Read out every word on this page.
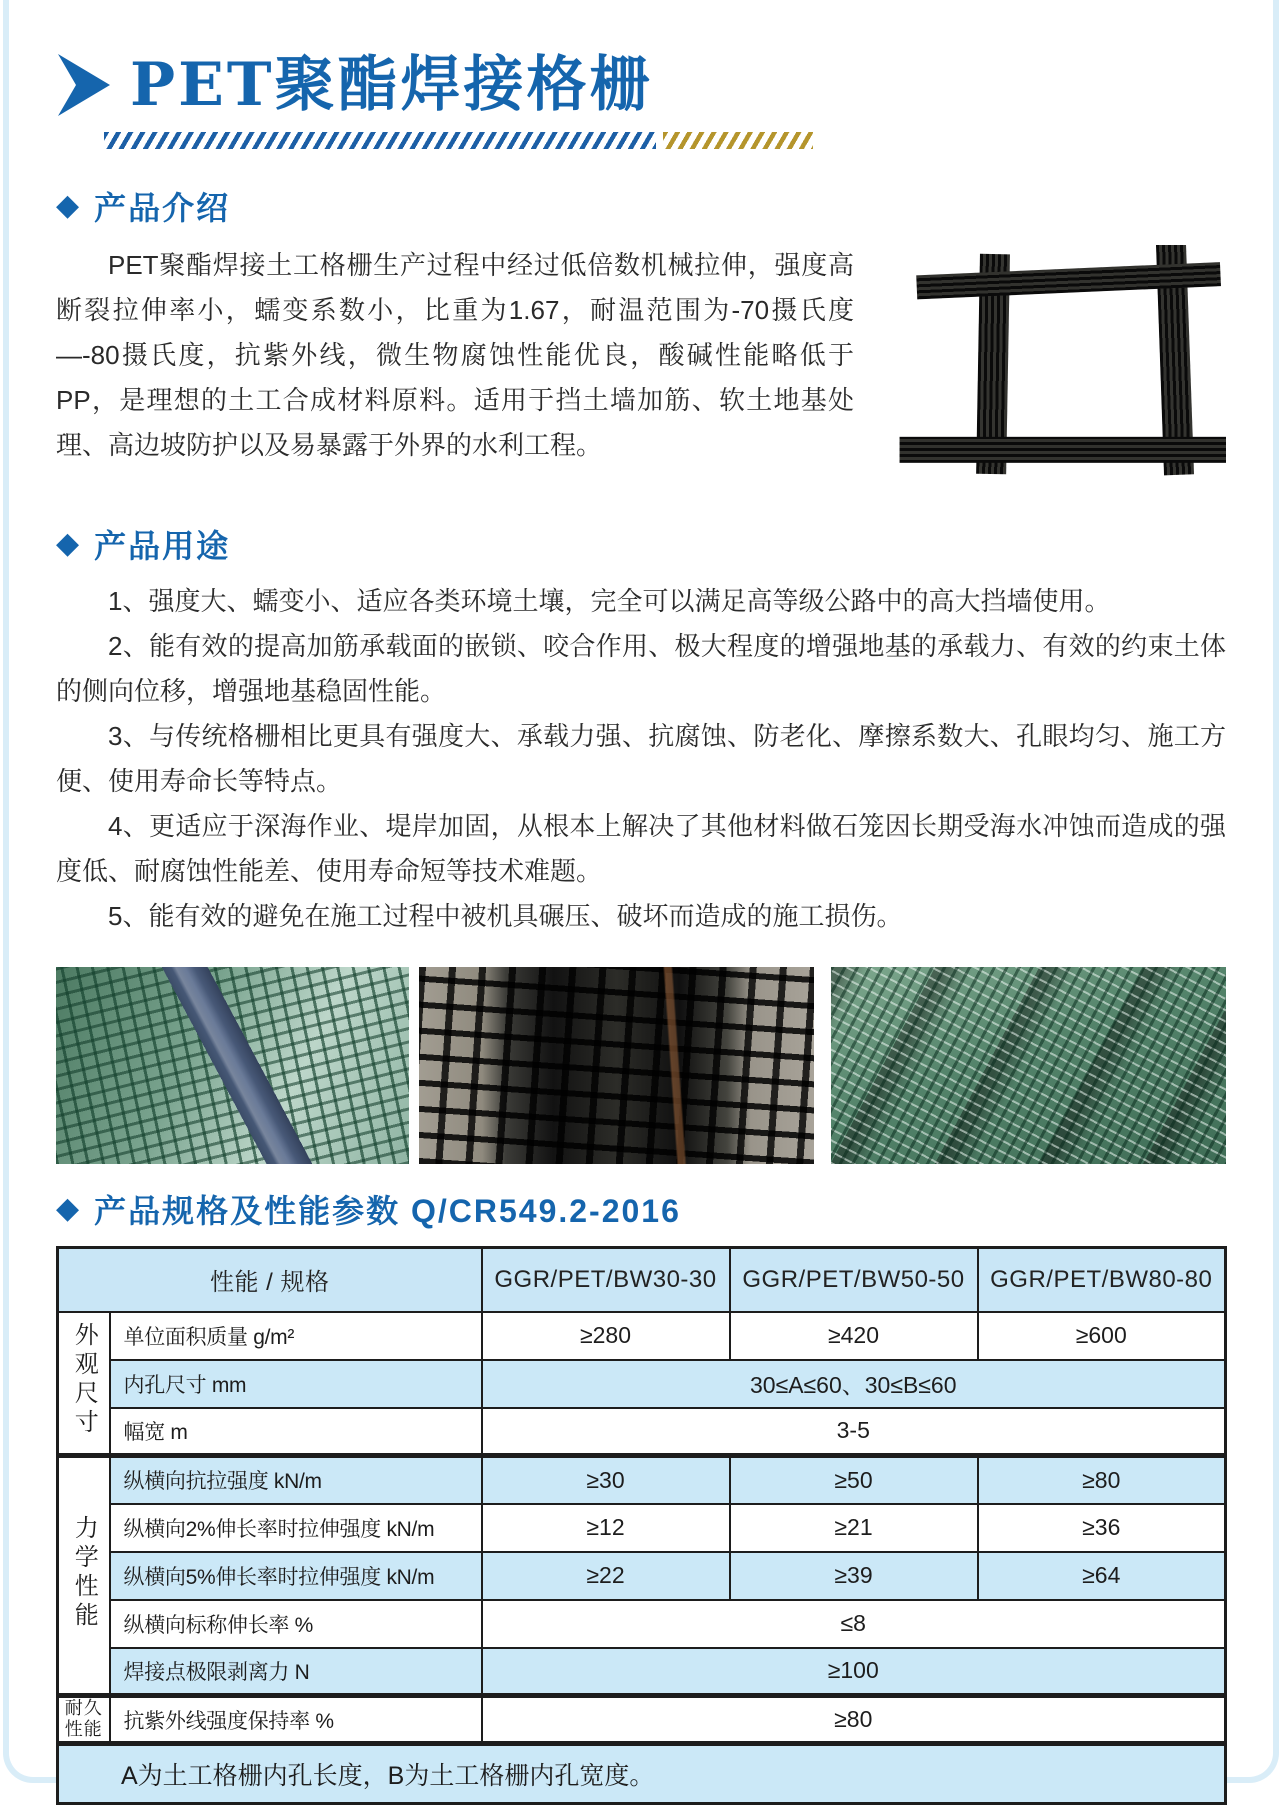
PET聚酯焊接格栅
◆ 产品介绍

PET聚酯焊接土工格栅生产过程中经过低倍数机械拉伸，强度高断裂拉伸率小，蠕变系数小，比重为1.67，耐温范围为-70摄氏度—-80摄氏度，抗紫外线，微生物腐蚀性能优良，酸碱性能略低于PP，是理想的土工合成材料原料。适用于挡土墙加筋、软土地基处理、高边坡防护以及易暴露于外界的水利工程。

◆ 产品用途

1、强度大、蠕变小、适应各类环境土壤，完全可以满足高等级公路中的高大挡墙使用。

2、能有效的提高加筋承载面的嵌锁、咬合作用、极大程度的增强地基的承载力、有效的约束土体的侧向位移，增强地基稳固性能。

3、与传统格栅相比更具有强度大、承载力强、抗腐蚀、防老化、摩擦系数大、孔眼均匀、施工方便、使用寿命长等特点。

4、更适应于深海作业、堤岸加固，从根本上解决了其他材料做石笼因长期受海水冲蚀而造成的强度低、耐腐蚀性能差、使用寿命短等技术难题。

5、能有效的避免在施工过程中被机具碾压、破坏而造成的施工损伤。

◆ 产品规格及性能参数 Q/CR549.2-2016
性能 / 规格		GGR/PET/BW30-30	GGR/PET/BW50-50	GGR/PET/BW80-80
外观尺寸	单位面积质量 g/m²	≥280	≥420	≥600
	内孔尺寸 mm	30≤A≤60、30≤B≤60		
	幅宽 m	3-5		
力学性能	纵横向抗拉强度 kN/m	≥30	≥50	≥80
	纵横向2%伸长率时拉伸强度 kN/m	≥12	≥21	≥36
	纵横向5%伸长率时拉伸强度 kN/m	≥22	≥39	≥64
	纵横向标称伸长率 %	≤8		
	焊接点极限剥离力 N	≥100		
耐久性能	抗紫外线强度保持率 %	≥80		
A为土工格栅内孔长度，B为土工格栅内孔宽度。				
